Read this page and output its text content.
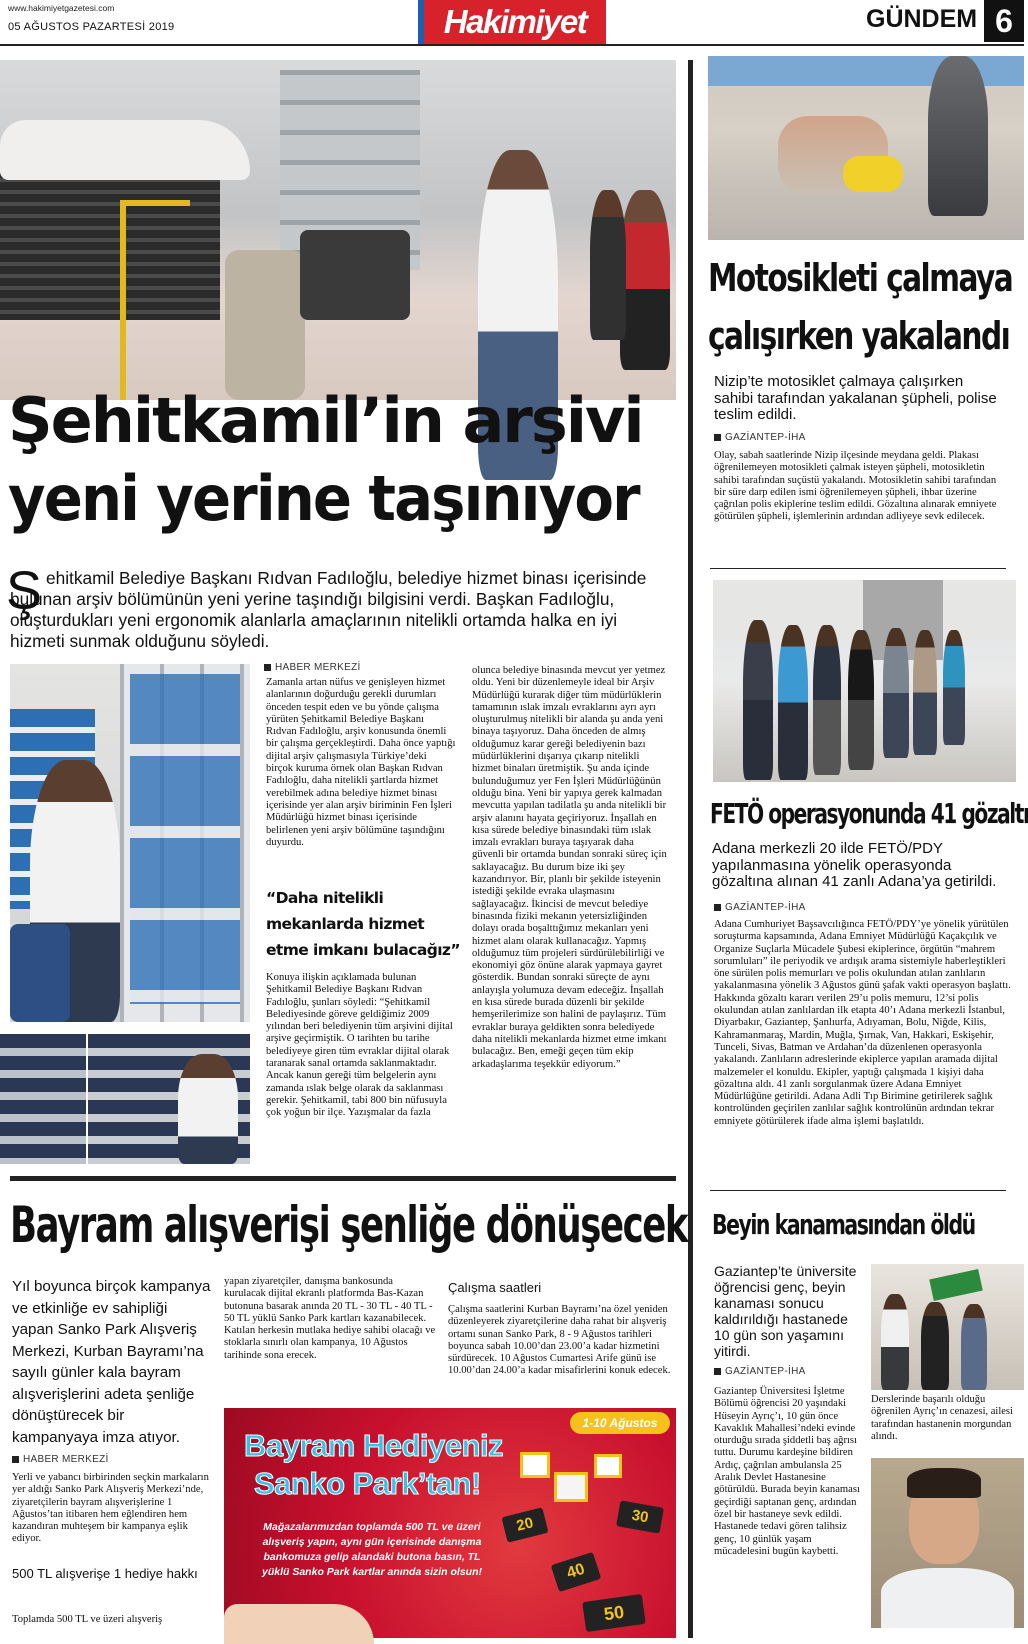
www.hakimiyetgazetesi.com
05 AĞUSTOS PAZARTESİ 2019	Hakimiyet	GÜNDEM 6
Şehitkamil’in arşivi
yeni yerine taşınıyor
Ş ehitkamil Belediye Başkanı Rıdvan Fadıloğlu, belediye hizmet binası içerisinde bulunan arşiv bölümünün yeni yerine taşındığı bilgisini verdi. Başkan Fadıloğlu, oluşturdukları yeni ergonomik alanlarla amaçlarının nitelikli ortamda halka en iyi hizmeti sunmak olduğunu söyledi.
HABER MERKEZİ
Zamanla artan nüfus ve genişleyen hizmet alanlarının doğurduğu gerekli durumları önceden tespit eden ve bu yönde çalışma yürüten Şehitkamil Belediye Başkanı Rıdvan Fadıloğlu, arşiv konusunda önemli bir çalışma gerçekleştirdi. Daha önce yaptığı dijital arşiv çalışmasıyla Türkiye’deki birçok kuruma örnek olan Başkan Rıdvan Fadıloğlu, daha nitelikli şartlarda hizmet verebilmek adına belediye hizmet binası içerisinde yer alan arşiv biriminin Fen İşleri Müdürlüğü hizmet binası içerisinde belirlenen yeni arşiv bölümüne taşındığını duyurdu.
“Daha nitelikli mekanlarda hizmet etme imkanı bulacağız”
Konuya ilişkin açıklamada bulunan Şehitkamil Belediye Başkanı Rıdvan Fadıloğlu, şunları söyledi: “Şehitkamil Belediyesinde göreve geldiğimiz 2009 yılından beri belediyenin tüm arşivini dijital arşive geçirmiştik. O tarihten bu tarihe belediyeye giren tüm evraklar dijital olarak taranarak sanal ortamda saklanmaktadır. Ancak kanun gereği tüm belgelerin aynı zamanda ıslak belge olarak da saklanması gerekir. Şehitkamil, tabi 800 bin nüfusuyla çok yoğun bir ilçe. Yazışmalar da fazla
olunca belediye binasında mevcut yer yetmez oldu. Yeni bir düzenlemeyle ideal bir Arşiv Müdürlüğü kurarak diğer tüm müdürlüklerin tamamının ıslak imzalı evraklarını ayrı ayrı oluşturulmuş nitelikli bir alanda şu anda yeni binaya taşıyoruz. Daha önceden de almış olduğumuz karar gereği belediyenin bazı müdürlüklerini dışarıya çıkarıp nitelikli hizmet binaları üretmiştik. Şu anda içinde bulunduğumuz yer Fen İşleri Müdürlüğünün olduğu bina. Yeni bir yapıya gerek kalmadan mevcutta yapılan tadilatla şu anda nitelikli bir arşiv alanını hayata geçiriyoruz. İnşallah en kısa sürede belediye binasındaki tüm ıslak imzalı evrakları buraya taşıyarak daha güvenli bir ortamda bundan sonraki süreç için saklayacağız. Bu durum bize iki şey kazandırıyor. Bir, planlı bir şekilde isteyenin istediği şekilde evraka ulaşmasını sağlayacağız. İkincisi de mevcut belediye binasında fiziki mekanın yetersizliğinden dolayı orada boşalttığımız mekanları yeni hizmet alanı olarak kullanacağız. Yapmış olduğumuz tüm projeleri sürdürülebilirliği ve ekonomiyi göz önüne alarak yapmaya gayret gösterdik. Bundan sonraki süreçte de aynı anlayışla yolumuza devam edeceğiz. İnşallah en kısa sürede burada düzenli bir şekilde hemşerilerimize son halini de paylaşırız. Tüm evraklar buraya geldikten sonra belediyede daha nitelikli mekanlarda hizmet etme imkanı bulacağız. Ben, emeği geçen tüm ekip arkadaşlarıma teşekkür ediyorum.”
Motosikleti çalmaya
çalışırken yakalandı
Nizip’te motosiklet çalmaya çalışırken sahibi tarafından yakalanan şüpheli, polise teslim edildi.
GAZİANTEP-İHA
Olay, sabah saatlerinde Nizip ilçesinde meydana geldi. Plakası öğrenilemeyen motosikleti çalmak isteyen şüpheli, motosikletin sahibi tarafından suçüstü yakalandı. Motosikletin sahibi tarafından bir süre darp edilen ismi öğrenilemeyen şüpheli, ihbar üzerine çağrılan polis ekiplerine teslim edildi. Gözaltına alınarak emniyete götürülen şüpheli, işlemlerinin ardından adliyeye sevk edilecek.
FETÖ operasyonunda 41 gözaltı
Adana merkezli 20 ilde FETÖ/PDY yapılanmasına yönelik operasyonda gözaltına alınan 41 zanlı Adana’ya getirildi.
GAZİANTEP-İHA
Adana Cumhuriyet Başsavcılığınca FETÖ/PDY’ye yönelik yürütülen soruşturma kapsamında, Adana Emniyet Müdürlüğü Kaçakçılık ve Organize Suçlarla Mücadele Şubesi ekiplerince, örgütün “mahrem sorumluları” ile periyodik ve ardışık arama sistemiyle haberleştikleri öne sürülen polis memurları ve polis okulundan atılan zanlıların yakalanmasına yönelik 3 Ağustos günü şafak vakti operasyon başlattı. Hakkında gözaltı kararı verilen 29’u polis memuru, 12’si polis okulundan atılan zanlılardan ilk etapta 40’ı Adana merkezli İstanbul, Diyarbakır, Gaziantep, Şanlıurfa, Adıyaman, Bolu, Niğde, Kilis, Kahramanmaraş, Mardin, Muğla, Şırnak, Van, Hakkari, Eskişehir, Tunceli, Sivas, Batman ve Ardahan’da düzenlenen operasyonla yakalandı. Zanlıların adreslerinde ekiplerce yapılan aramada dijital malzemeler el konuldu. Ekipler, yaptığı çalışmada 1 kişiyi daha gözaltına aldı. 41 zanlı sorgulanmak üzere Adana Emniyet Müdürlüğüne getirildi. Adana Adli Tıp Birimine getirilerek sağlık kontrolünden geçirilen zanlılar sağlık kontrolünün ardından tekrar emniyete götürülerek ifade alma işlemi başlatıldı.
Beyin kanamasından öldü
Gaziantep’te üniversite öğrencisi genç, beyin kanaması sonucu kaldırıldığı hastanede 10 gün son yaşamını yitirdi.
GAZİANTEP-İHA
Gaziantep Üniversitesi İşletme Bölümü öğrencisi 20 yaşındaki Hüseyin Ayrıç’ı, 10 gün önce Kavaklık Mahallesi’ndeki evinde oturduğu sırada şiddetli baş ağrısı tuttu. Durumu kardeşine bildiren Ardıç, çağrılan ambulansla 25 Aralık Devlet Hastanesine götürüldü. Burada beyin kanaması geçirdiği saptanan genç, ardından özel bir hastaneye sevk edildi. Hastanede tedavi gören talihsiz genç, 10 günlük yaşam mücadelesini bugün kaybetti.
Derslerinde başarılı olduğu öğrenilen Ayrıç’ın cenazesi, ailesi tarafından hastanenin morgundan alındı.
Bayram alışverişi şenliğe dönüşecek
Yıl boyunca birçok kampanya ve etkinliğe ev sahipliği yapan Sanko Park Alışveriş Merkezi, Kurban Bayramı’na sayılı günler kala bayram alışverişlerini adeta şenliğe dönüştürecek bir kampanyaya imza atıyor.
HABER MERKEZİ
Yerli ve yabancı birbirinden seçkin markaların yer aldığı Sanko Park Alışveriş Merkezi’nde, ziyaretçilerin bayram alışverişlerine 1 Ağustos’tan itibaren hem eğlendiren hem kazandıran muhteşem bir kampanya eşlik ediyor.
500 TL alışverişe 1 hediye hakkı
Toplamda 500 TL ve üzeri alışveriş
yapan ziyaretçiler, danışma bankosunda kurulacak dijital ekranlı platformda Bas-Kazan butonuna basarak anında 20 TL - 30 TL - 40 TL - 50 TL yüklü Sanko Park kartları kazanabilecek. Katılan herkesin mutlaka hediye sahibi olacağı ve stoklarla sınırlı olan kampanya, 10 Ağustos tarihinde sona erecek.
Çalışma saatleri
Çalışma saatlerini Kurban Bayramı’na özel yeniden düzenleyerek ziyaretçilerine daha rahat bir alışveriş ortamı sunan Sanko Park, 8 - 9 Ağustos tarihleri boyunca sabah 10.00’dan 23.00’a kadar hizmetini sürdürecek. 10 Ağustos Cumartesi Arife günü ise 10.00’dan 24.00’a kadar misafirlerini konuk edecek.
1-10 Ağustos
Bayram Hediyeniz
Sanko Park’tan!
Mağazalarımızdan toplamda 500 TL ve üzeri alışveriş yapın, aynı gün içerisinde danışma bankomuza gelip alandaki butona basın, TL yüklü Sanko Park kartlar anında sizin olsun!
20	30
40
50
